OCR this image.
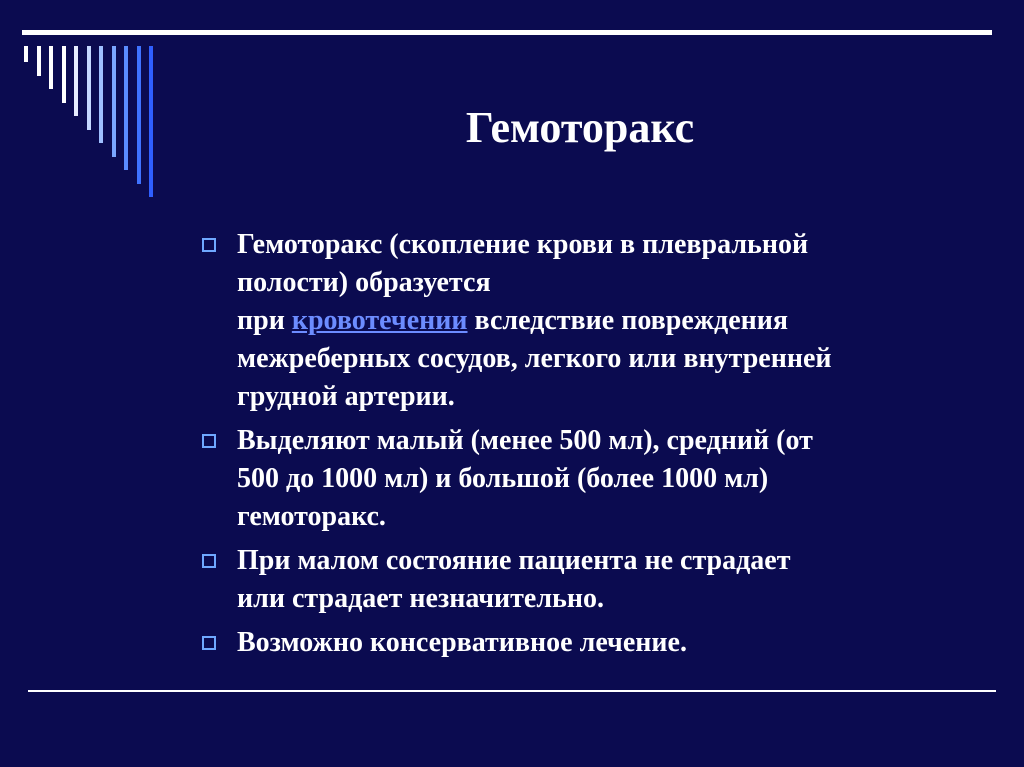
Гемоторакс
Гемоторакс (скопление крови в плевральной
полости) образуется
при кровотечении вследствие повреждения
межреберных сосудов, легкого или внутренней
грудной артерии.
Выделяют малый (менее 500 мл), средний (от
500 до 1000 мл) и большой (более 1000 мл)
гемоторакс.
При малом состояние пациента не страдает
или страдает незначительно.
Возможно консервативное лечение.
